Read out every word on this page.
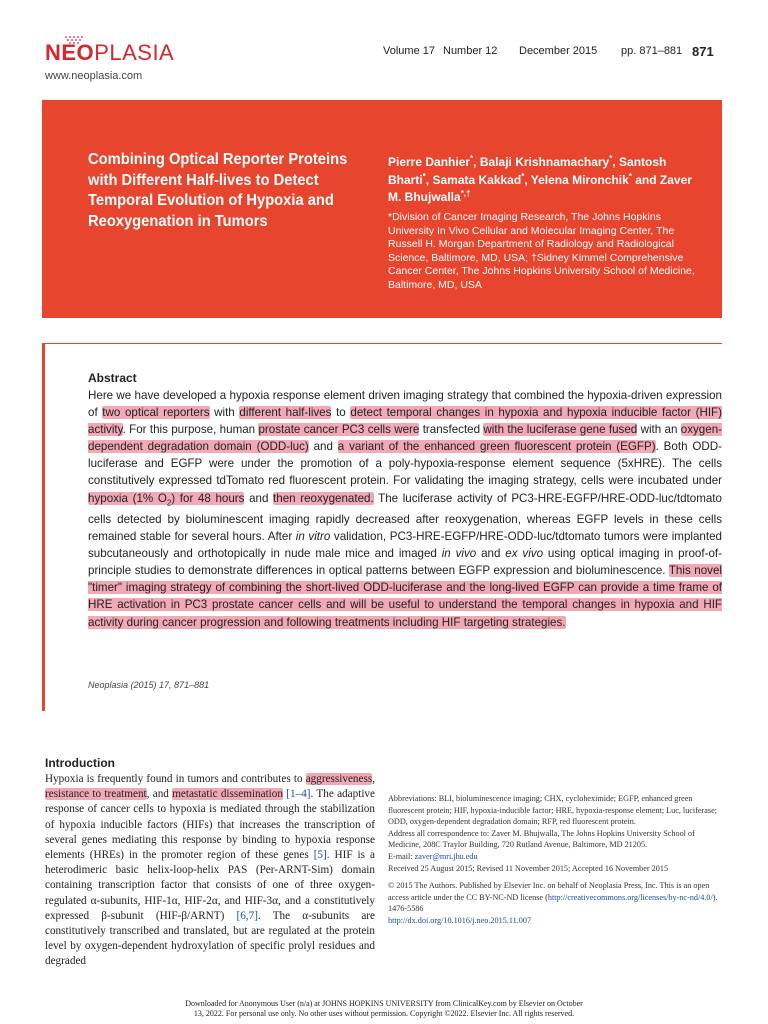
NEOPLASIA
www.neoplasia.com
Volume 17 Number 12 December 2015 pp. 871–881 871
Combining Optical Reporter Proteins with Different Half-lives to Detect Temporal Evolution of Hypoxia and Reoxygenation in Tumors
Pierre Danhier*, Balaji Krishnamachary*, Santosh Bharti*, Samata Kakkad*, Yelena Mironchik* and Zaver M. Bhujwalla*,†
*Division of Cancer Imaging Research, The Johns Hopkins University In Vivo Cellular and Molecular Imaging Center, The Russell H. Morgan Department of Radiology and Radiological Science, Baltimore, MD, USA; †Sidney Kimmel Comprehensive Cancer Center, The Johns Hopkins University School of Medicine, Baltimore, MD, USA
Abstract
Here we have developed a hypoxia response element driven imaging strategy that combined the hypoxia-driven expression of two optical reporters with different half-lives to detect temporal changes in hypoxia and hypoxia inducible factor (HIF) activity. For this purpose, human prostate cancer PC3 cells were transfected with the luciferase gene fused with an oxygen-dependent degradation domain (ODD-luc) and a variant of the enhanced green fluorescent protein (EGFP). Both ODD-luciferase and EGFP were under the promotion of a poly-hypoxia-response element sequence (5xHRE). The cells constitutively expressed tdTomato red fluorescent protein. For validating the imaging strategy, cells were incubated under hypoxia (1% $O_2$) for 48 hours and then reoxygenated. The luciferase activity of PC3-HRE-EGFP/HRE-ODD-luc/tdtomato cells detected by bioluminescent imaging rapidly decreased after reoxygenation, whereas EGFP levels in these cells remained stable for several hours. After in vitro validation, PC3-HRE-EGFP/HRE-ODD-luc/tdtomato tumors were implanted subcutaneously and orthotopically in nude male mice and imaged in vivo and ex vivo using optical imaging in proof-of-principle studies to demonstrate differences in optical patterns between EGFP expression and bioluminescence. This novel "timer" imaging strategy of combining the short-lived ODD-luciferase and the long-lived EGFP can provide a time frame of HRE activation in PC3 prostate cancer cells and will be useful to understand the temporal changes in hypoxia and HIF activity during cancer progression and following treatments including HIF targeting strategies.
Neoplasia (2015) 17, 871–881
Introduction
Hypoxia is frequently found in tumors and contributes to aggressiveness, resistance to treatment, and metastatic dissemination [1–4]. The adaptive response of cancer cells to hypoxia is mediated through the stabilization of hypoxia inducible factors (HIFs) that increases the transcription of several genes mediating this response by binding to hypoxia response elements (HREs) in the promoter region of these genes [5]. HIF is a heterodimeric basic helix-loop-helix PAS (Per-ARNT-Sim) domain containing transcription factor that consists of one of three oxygen-regulated α-subunits, HIF-1α, HIF-2α, and HIF-3α, and a constitutively expressed β-subunit (HIF-β/ARNT) [6,7]. The α-subunits are constitutively transcribed and translated, but are regulated at the protein level by oxygen-dependent hydroxylation of specific prolyl residues and degraded

Abbreviations: BLI, bioluminescence imaging; CHX, cycloheximide; EGFP, enhanced green fluorescent protein; HIF, hypoxia-inducible factor; HRE, hypoxia-response element; Luc, luciferase; ODD, oxygen-dependent degradation domain; RFP, red fluorescent protein.

Address all correspondence to: Zaver M. Bhujwalla, The Johns Hopkins University School of Medicine, 208C Traylor Building, 720 Rutland Avenue, Baltimore, MD 21205.

E-mail: zaver@mri.jhu.edu

Received 25 August 2015; Revised 11 November 2015; Accepted 16 November 2015

© 2015 The Authors. Published by Elsevier Inc. on behalf of Neoplasia Press, Inc. This is an open access article under the CC BY-NC-ND license (http://creativecommons.org/licenses/by-nc-nd/4.0/).

1476-5586

http://dx.doi.org/10.1016/j.neo.2015.11.007

Downloaded for Anonymous User (n/a) at JOHNS HOPKINS UNIVERSITY from ClinicalKey.com by Elsevier on October
13, 2022. For personal use only. No other uses without permission. Copyright ©2022. Elsevier Inc. All rights reserved.
